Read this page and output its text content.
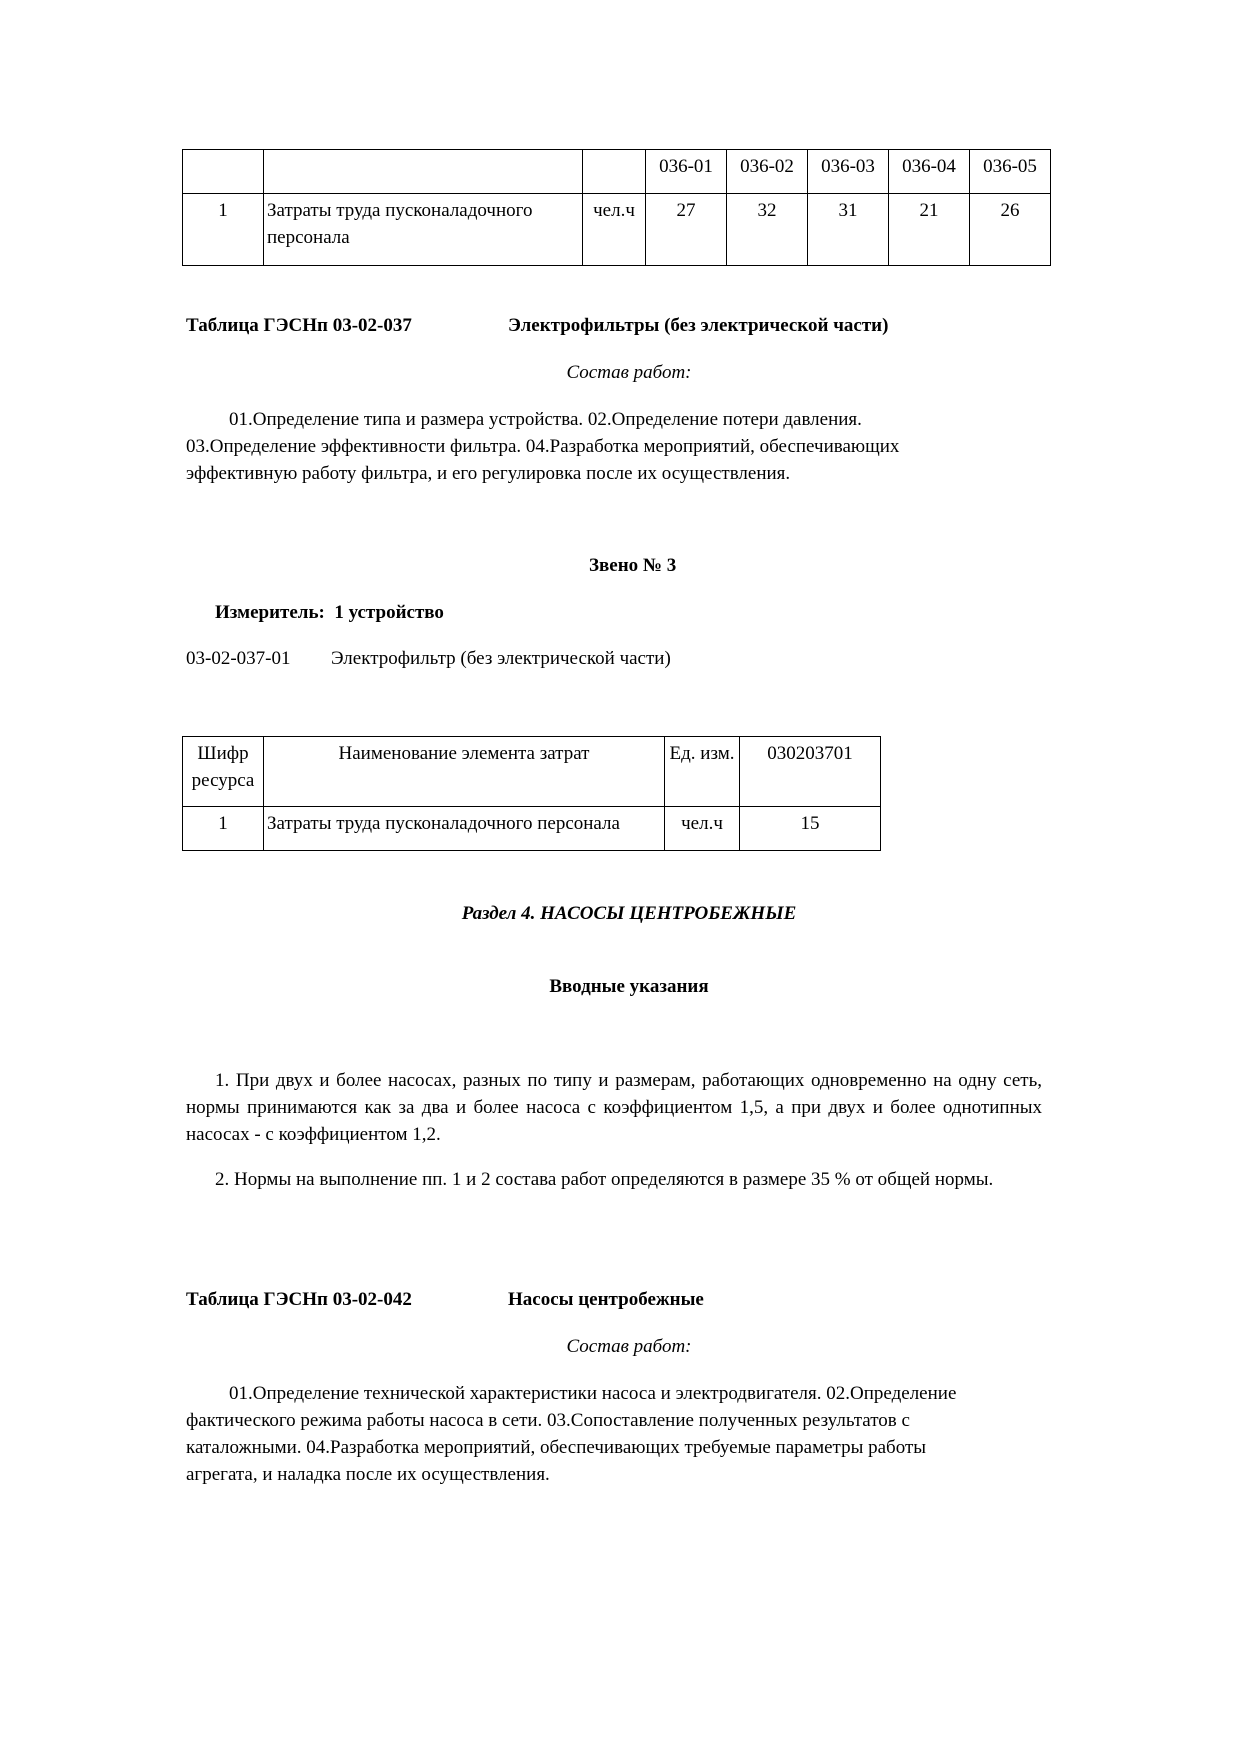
			036-01	036-02	036-03	036-04	036-05
1	Затраты труда пусконаладочного персонала	чел.ч	27	32	31	21	26
Таблица ГЭСНп 03-02-037	Электрофильтры (без электрической части)
Состав работ:
01.Определение типа и размера устройства. 02.Определение потери давления.
03.Определение эффективности фильтра. 04.Разработка мероприятий, обеспечивающих
эффективную работу фильтра, и его регулировка после их осуществления.
Звено № 3
Измеритель:  1 устройство
03-02-037-01 Электрофильтр (без электрической части)
Шифр ресурса	Наименование элемента затрат	Ед. изм.	030203701
1	Затраты труда пусконаладочного персонала	чел.ч	15
Раздел 4. НАСОСЫ ЦЕНТРОБЕЖНЫЕ
Вводные указания
1. При двух и более насосах, разных по типу и размерам, работающих одновременно на одну сеть, нормы принимаются как за два и более насоса с коэффициентом 1,5, а при двух и более однотипных насосах - с коэффициентом 1,2.
2. Нормы на выполнение пп. 1 и 2 состава работ определяются в размере 35 % от общей нормы.
Таблица ГЭСНп 03-02-042	Насосы центробежные
Состав работ:
01.Определение технической характеристики насоса и электродвигателя. 02.Определение
фактического режима работы насоса в сети. 03.Сопоставление полученных результатов с
каталожными. 04.Разработка мероприятий, обеспечивающих требуемые параметры работы
агрегата, и наладка после их осуществления.
